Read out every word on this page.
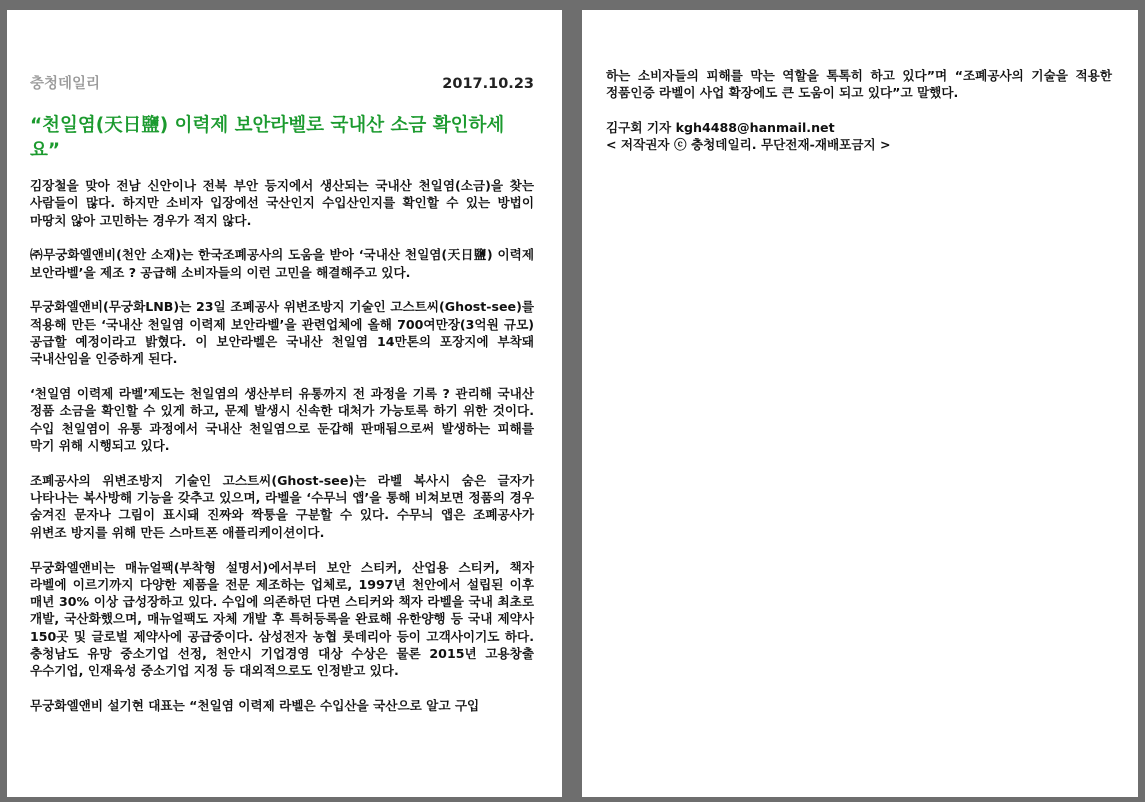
충청데일리	2017.10.23
“천일염(天日鹽) 이력제 보안라벨로 국내산 소금 확인하세요”

김장철을 맞아 전남 신안이나 전북 부안 등지에서 생산되는 국내산 천일염(소금)을 찾는 사람들이 많다. 하지만 소비자 입장에선 국산인지 수입산인지를 확인할 수 있는 방법이 마땅치 않아 고민하는 경우가 적지 않다.

㈜무궁화엘앤비(천안 소재)는 한국조폐공사의 도움을 받아 ‘국내산 천일염(天日鹽) 이력제 보안라벨’을 제조 ? 공급해 소비자들의 이런 고민을 해결해주고 있다.

무궁화엘앤비(무궁화LNB)는 23일 조폐공사 위변조방지 기술인 고스트씨(Ghost-see)를 적용해 만든 ‘국내산 천일염 이력제 보안라벨’을 관련업체에 올해 700여만장(3억원 규모) 공급할 예정이라고 밝혔다. 이 보안라벨은 국내산 천일염 14만톤의 포장지에 부착돼 국내산임을 인증하게 된다.

‘천일염 이력제 라벨’제도는 천일염의 생산부터 유통까지 전 과정을 기록 ? 관리해 국내산 정품 소금을 확인할 수 있게 하고, 문제 발생시 신속한 대처가 가능토록 하기 위한 것이다. 수입 천일염이 유통 과정에서 국내산 천일염으로 둔갑해 판매됨으로써 발생하는 피해를 막기 위해 시행되고 있다.

조폐공사의 위변조방지 기술인 고스트씨(Ghost-see)는 라벨 복사시 숨은 글자가 나타나는 복사방해 기능을 갖추고 있으며, 라벨을 ‘수무늬 앱’을 통해 비쳐보면 정품의 경우 숨겨진 문자나 그림이 표시돼 진짜와 짝퉁을 구분할 수 있다. 수무늬 앱은 조폐공사가 위변조 방지를 위해 만든 스마트폰 애플리케이션이다.

무궁화엘앤비는 매뉴얼팩(부착형 설명서)에서부터 보안 스티커, 산업용 스티커, 책자 라벨에 이르기까지 다양한 제품을 전문 제조하는 업체로, 1997년 천안에서 설립된 이후 매년 30% 이상 급성장하고 있다. 수입에 의존하던 다면 스티커와 책자 라벨을 국내 최초로 개발, 국산화했으며, 매뉴얼팩도 자체 개발 후 특허등록을 완료해 유한양행 등 국내 제약사 150곳 및 글로벌 제약사에 공급중이다. 삼성전자 농협 롯데리아 등이 고객사이기도 하다. 충청남도 유망 중소기업 선정, 천안시 기업경영 대상 수상은 물론 2015년 고용창출 우수기업, 인재육성 중소기업 지정 등 대외적으로도 인정받고 있다.

무궁화엘앤비 설기현 대표는 “천일염 이력제 라벨은 수입산을 국산으로 알고 구입

하는 소비자들의 피해를 막는 역할을 톡톡히 하고 있다”며 “조폐공사의 기술을 적용한 정품인증 라벨이 사업 확장에도 큰 도움이 되고 있다”고 말했다.

김구회 기자 kgh4488@hanmail.net

< 저작권자 ⓒ 충청데일리. 무단전재-재배포금지 >
